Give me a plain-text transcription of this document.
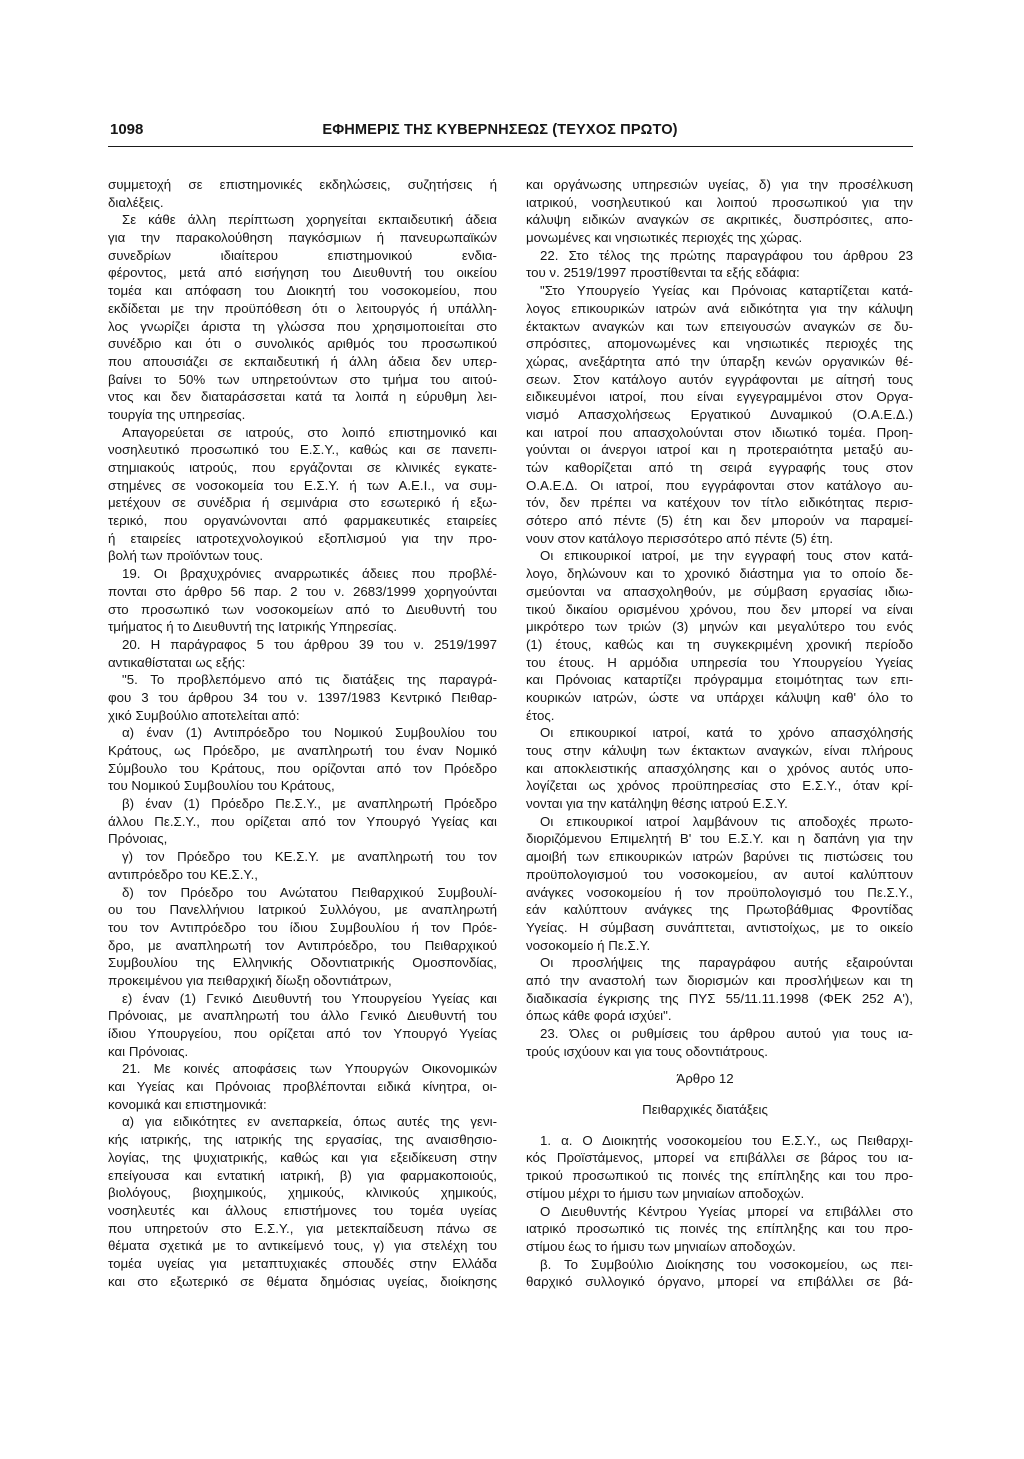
1098	ΕΦΗΜΕΡΙΣ ΤΗΣ ΚΥΒΕΡΝΗΣΕΩΣ (ΤΕΥΧΟΣ ΠΡΩΤΟ)
συμμετοχή σε επιστημονικές εκδηλώσεις, συζητήσεις ή
διαλέξεις.
Σε κάθε άλλη περίπτωση χορηγείται εκπαιδευτική άδεια
για την παρακολούθηση παγκόσμιων ή πανευρωπαϊκών
συνεδρίων ιδιαίτερου επιστημονικού ενδια-
φέροντος, μετά από εισήγηση του Διευθυντή του οικείου
τομέα και απόφαση του Διοικητή του νοσοκομείου, που
εκδίδεται με την προϋπόθεση ότι ο λειτουργός ή υπάλλη-
λος γνωρίζει άριστα τη γλώσσα που χρησιμοποιείται στο
συνέδριο και ότι ο συνολικός αριθμός του προσωπικού
που απουσιάζει σε εκπαιδευτική ή άλλη άδεια δεν υπερ-
βαίνει το 50% των υπηρετούντων στο τμήμα του αιτού-
ντος και δεν διαταράσσεται κατά τα λοιπά η εύρυθμη λει-
τουργία της υπηρεσίας.
Απαγορεύεται σε ιατρούς, στο λοιπό επιστημονικό και
νοσηλευτικό προσωπικό του Ε.Σ.Υ., καθώς και σε πανεπι-
στημιακούς ιατρούς, που εργάζονται σε κλινικές εγκατε-
στημένες σε νοσοκομεία του Ε.Σ.Υ. ή των Α.Ε.Ι., να συμ-
μετέχουν σε συνέδρια ή σεμινάρια στο εσωτερικό ή εξω-
τερικό, που οργανώνονται από φαρμακευτικές εταιρείες
ή εταιρείες ιατροτεχνολογικού εξοπλισμού για την προ-
βολή των προϊόντων τους.
19. Οι βραχυχρόνιες αναρρωτικές άδειες που προβλέ-
πονται στο άρθρο 56 παρ. 2 του ν. 2683/1999 χορηγούνται
στο προσωπικό των νοσοκομείων από το Διευθυντή του
τμήματος ή το Διευθυντή της Ιατρικής Υπηρεσίας.
20. Η παράγραφος 5 του άρθρου 39 του ν. 2519/1997
αντικαθίσταται ως εξής:
"5. Το προβλεπόμενο από τις διατάξεις της παραγρά-
φου 3 του άρθρου 34 του ν. 1397/1983 Κεντρικό Πειθαρ-
χικό Συμβούλιο αποτελείται από:
α) έναν (1) Αντιπρόεδρο του Νομικού Συμβουλίου του
Κράτους, ως Πρόεδρο, με αναπληρωτή του έναν Νομικό
Σύμβουλο του Κράτους, που ορίζονται από τον Πρόεδρο
του Νομικού Συμβουλίου του Κράτους,
β) έναν (1) Πρόεδρο Πε.Σ.Υ., με αναπληρωτή Πρόεδρο
άλλου Πε.Σ.Υ., που ορίζεται από τον Υπουργό Υγείας και
Πρόνοιας,
γ) τον Πρόεδρο του ΚΕ.Σ.Υ. με αναπληρωτή του τον
αντιπρόεδρο του ΚΕ.Σ.Υ.,
δ) τον Πρόεδρο του Ανώτατου Πειθαρχικού Συμβουλί-
ου του Πανελλήνιου Ιατρικού Συλλόγου, με αναπληρωτή
του τον Αντιπρόεδρο του ίδιου Συμβουλίου ή τον Πρόε-
δρο, με αναπληρωτή τον Αντιπρόεδρο, του Πειθαρχικού
Συμβουλίου της Ελληνικής Οδοντιατρικής Ομοσπονδίας,
προκειμένου για πειθαρχική δίωξη οδοντιάτρων,
ε) έναν (1) Γενικό Διευθυντή του Υπουργείου Υγείας και
Πρόνοιας, με αναπληρωτή του άλλο Γενικό Διευθυντή του
ίδιου Υπουργείου, που ορίζεται από τον Υπουργό Υγείας
και Πρόνοιας.
21. Με κοινές αποφάσεις των Υπουργών Οικονομικών
και Υγείας και Πρόνοιας προβλέπονται ειδικά κίνητρα, οι-
κονομικά και επιστημονικά:
α) για ειδικότητες εν ανεπαρκεία, όπως αυτές της γενι-
κής ιατρικής, της ιατρικής της εργασίας, της αναισθησιο-
λογίας, της ψυχιατρικής, καθώς και για εξειδίκευση στην
επείγουσα και εντατική ιατρική, β) για φαρμακοποιούς,
βιολόγους, βιοχημικούς, χημικούς, κλινικούς χημικούς,
νοσηλευτές και άλλους επιστήμονες του τομέα υγείας
που υπηρετούν στο Ε.Σ.Υ., για μετεκπαίδευση πάνω σε
θέματα σχετικά με το αντικείμενό τους, γ) για στελέχη του
τομέα υγείας για μεταπτυχιακές σπουδές στην Ελλάδα
και στο εξωτερικό σε θέματα δημόσιας υγείας, διοίκησης
και οργάνωσης υπηρεσιών υγείας, δ) για την προσέλκυση
ιατρικού, νοσηλευτικού και λοιπού προσωπικού για την
κάλυψη ειδικών αναγκών σε ακριτικές, δυσπρόσιτες, απο-
μονωμένες και νησιωτικές περιοχές της χώρας.
22. Στο τέλος της πρώτης παραγράφου του άρθρου 23
του ν. 2519/1997 προστίθενται τα εξής εδάφια:
"Στο Υπουργείο Υγείας και Πρόνοιας καταρτίζεται κατά-
λογος επικουρικών ιατρών ανά ειδικότητα για την κάλυψη
έκτακτων αναγκών και των επειγουσών αναγκών σε δυ-
σπρόσιτες, απομονωμένες και νησιωτικές περιοχές της
χώρας, ανεξάρτητα από την ύπαρξη κενών οργανικών θέ-
σεων. Στον κατάλογο αυτόν εγγράφονται με αίτησή τους
ειδικευμένοι ιατροί, που είναι εγγεγραμμένοι στον Οργα-
νισμό Απασχολήσεως Εργατικού Δυναμικού (Ο.Α.Ε.Δ.)
και ιατροί που απασχολούνται στον ιδιωτικό τομέα. Προη-
γούνται οι άνεργοι ιατροί και η προτεραιότητα μεταξύ αυ-
τών καθορίζεται από τη σειρά εγγραφής τους στον
Ο.Α.Ε.Δ. Οι ιατροί, που εγγράφονται στον κατάλογο αυ-
τόν, δεν πρέπει να κατέχουν τον τίτλο ειδικότητας περισ-
σότερο από πέντε (5) έτη και δεν μπορούν να παραμεί-
νουν στον κατάλογο περισσότερο από πέντε (5) έτη.
Οι επικουρικοί ιατροί, με την εγγραφή τους στον κατά-
λογο, δηλώνουν και το χρονικό διάστημα για το οποίο δε-
σμεύονται να απασχοληθούν, με σύμβαση εργασίας ιδιω-
τικού δικαίου ορισμένου χρόνου, που δεν μπορεί να είναι
μικρότερο των τριών (3) μηνών και μεγαλύτερο του ενός
(1) έτους, καθώς και τη συγκεκριμένη χρονική περίοδο
του έτους. Η αρμόδια υπηρεσία του Υπουργείου Υγείας
και Πρόνοιας καταρτίζει πρόγραμμα ετοιμότητας των επι-
κουρικών ιατρών, ώστε να υπάρχει κάλυψη καθ' όλο το
έτος.
Οι επικουρικοί ιατροί, κατά το χρόνο απασχόλησής
τους στην κάλυψη των έκτακτων αναγκών, είναι πλήρους
και αποκλειστικής απασχόλησης και ο χρόνος αυτός υπο-
λογίζεται ως χρόνος προϋπηρεσίας στο Ε.Σ.Υ., όταν κρί-
νονται για την κατάληψη θέσης ιατρού Ε.Σ.Υ.
Οι επικουρικοί ιατροί λαμβάνουν τις αποδοχές πρωτο-
διοριζόμενου Επιμελητή Β' του Ε.Σ.Υ. και η δαπάνη για την
αμοιβή των επικουρικών ιατρών βαρύνει τις πιστώσεις του
προϋπολογισμού του νοσοκομείου, αν αυτοί καλύπτουν
ανάγκες νοσοκομείου ή τον προϋπολογισμό του Πε.Σ.Υ.,
εάν καλύπτουν ανάγκες της Πρωτοβάθμιας Φροντίδας
Υγείας. Η σύμβαση συνάπτεται, αντιστοίχως, με το οικείο
νοσοκομείο ή Πε.Σ.Υ.
Οι προσλήψεις της παραγράφου αυτής εξαιρούνται
από την αναστολή των διορισμών και προσλήψεων και τη
διαδικασία έγκρισης της ΠΥΣ 55/11.11.1998 (ΦΕΚ 252 Α'),
όπως κάθε φορά ισχύει".
23. Όλες οι ρυθμίσεις του άρθρου αυτού για τους ια-
τρούς ισχύουν και για τους οδοντιάτρους.
Άρθρο 12
Πειθαρχικές διατάξεις
1. α. Ο Διοικητής νοσοκομείου του Ε.Σ.Υ., ως Πειθαρχι-
κός Προϊστάμενος, μπορεί να επιβάλλει σε βάρος του ια-
τρικού προσωπικού τις ποινές της επίπληξης και του προ-
στίμου μέχρι το ήμισυ των μηνιαίων αποδοχών.
Ο Διευθυντής Κέντρου Υγείας μπορεί να επιβάλλει στο
ιατρικό προσωπικό τις ποινές της επίπληξης και του προ-
στίμου έως το ήμισυ των μηνιαίων αποδοχών.
β. Το Συμβούλιο Διοίκησης του νοσοκομείου, ως πει-
θαρχικό συλλογικό όργανο, μπορεί να επιβάλλει σε βά-
